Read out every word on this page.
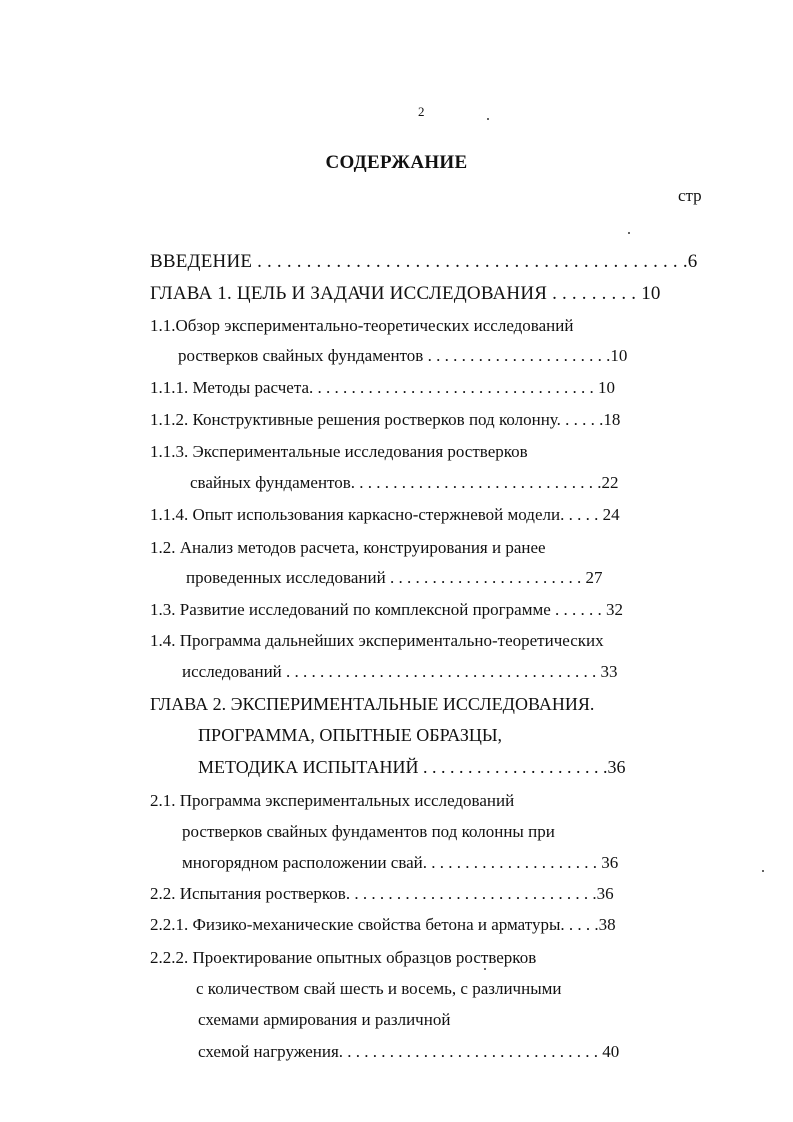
2
СОДЕРЖАНИЕ
стр
ВВЕДЕНИЕ . . . . . . . . . . . . . . . . . . . . . . . . . . . . . . . . . . . . . . . . . . . .6
ГЛАВА 1. ЦЕЛЬ И ЗАДАЧИ ИССЛЕДОВАНИЯ . . . . . . . . . 10
1.1.Обзор экспериментально-теоретических исследований
ростверков свайных фундаментов . . . . . . . . . . . . . . . . . . . . . .10
1.1.1. Методы расчета. . . . . . . . . . . . . . . . . . . . . . . . . . . . . . . . . . 10
1.1.2. Конструктивные решения ростверков под колонну. . . . . .18
1.1.3. Экспериментальные исследования ростверков
свайных фундаментов. . . . . . . . . . . . . . . . . . . . . . . . . . . . . .22
1.1.4. Опыт использования каркасно-стержневой модели. . . . . 24
1.2. Анализ методов расчета, конструирования и ранее
проведенных исследований . . . . . . . . . . . . . . . . . . . . . . . 27
1.3. Развитие исследований по комплексной программе . . . . . . 32
1.4. Программа дальнейших экспериментально-теоретических
исследований . . . . . . . . . . . . . . . . . . . . . . . . . . . . . . . . . . . . . 33
ГЛАВА 2. ЭКСПЕРИМЕНТАЛЬНЫЕ ИССЛЕДОВАНИЯ.
ПРОГРАММА, ОПЫТНЫЕ ОБРАЗЦЫ,
МЕТОДИКА ИСПЫТАНИЙ . . . . . . . . . . . . . . . . . . . . .36
2.1. Программа экспериментальных исследований
ростверков свайных фундаментов под колонны при
многорядном расположении свай. . . . . . . . . . . . . . . . . . . . . 36
2.2. Испытания ростверков. . . . . . . . . . . . . . . . . . . . . . . . . . . . . .36
2.2.1. Физико-механические свойства бетона и арматуры. . . . .38
2.2.2. Проектирование опытных образцов ростверков
с количеством свай шесть и восемь, с различными
схемами армирования и различной
схемой нагружения. . . . . . . . . . . . . . . . . . . . . . . . . . . . . . . 40
